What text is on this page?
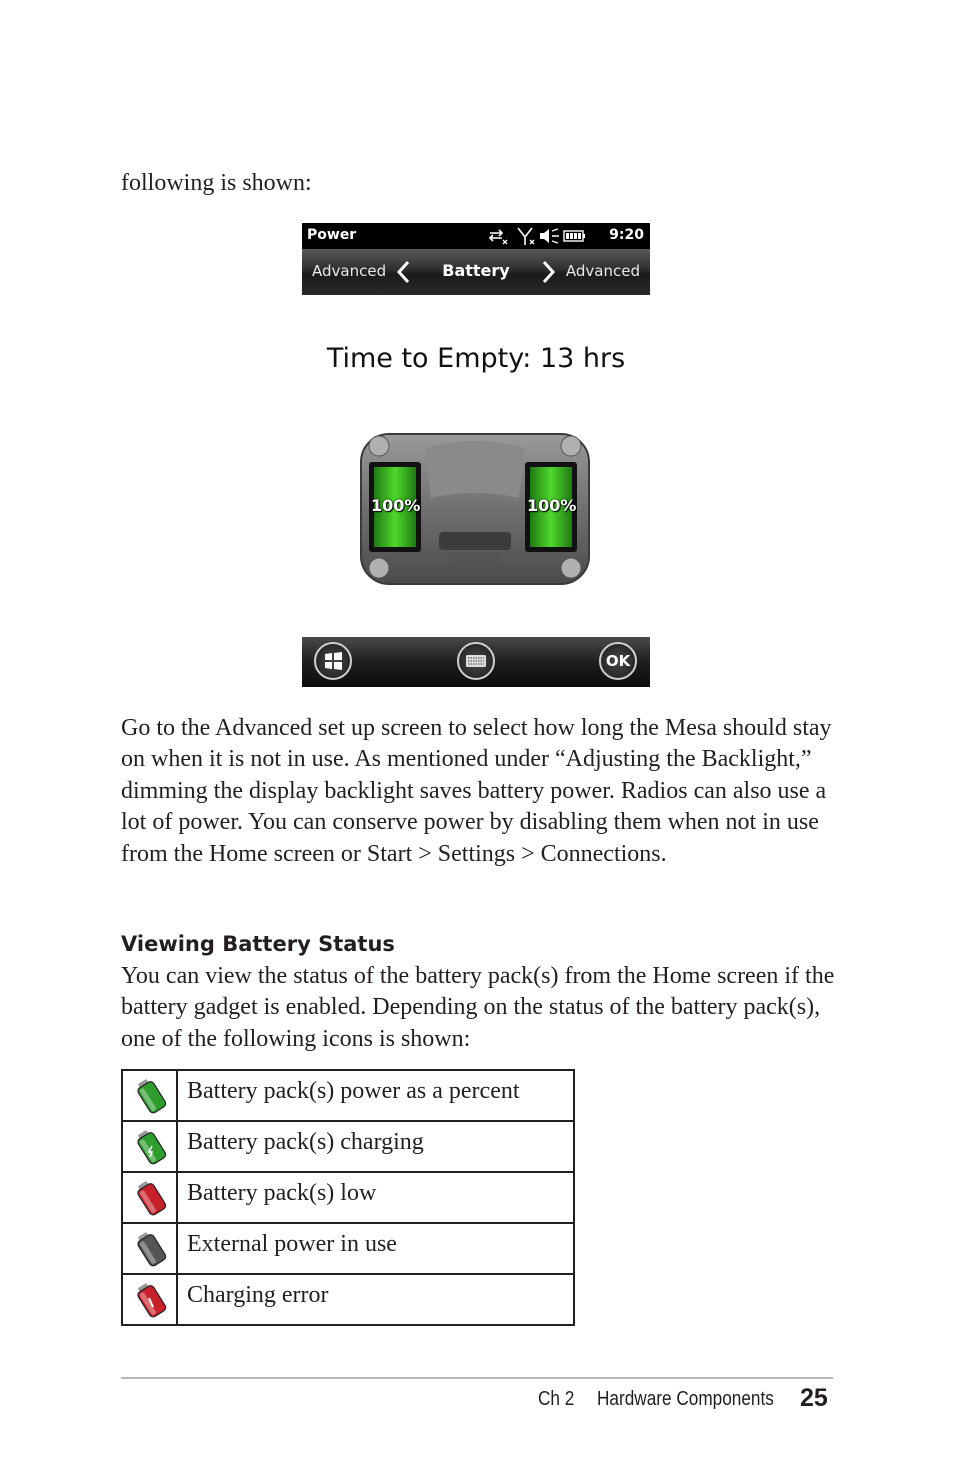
following is shown:
Power	9:20
Advanced	Battery	Advanced
Time to Empty: 13 hrs
100%	100%
OK

Go to the Advanced set up screen to select how long the Mesa should stay on when it is not in use. As mentioned under “Adjusting the Backlight,” dimming the display backlight saves battery power. Radios can also use a lot of power. You can conserve power by disabling them when not in use from the Home screen or Start > Settings > Connections.

Viewing Battery Status

You can view the status of the battery pack(s) from the Home screen if the battery gadget is enabled. Depending on the status of the battery pack(s), one of the following icons is shown:

	Battery pack(s) power as a percent

	Battery pack(s) charging

	Battery pack(s) low

	External power in use

	Charging error
Ch 2 Hardware Components 25
